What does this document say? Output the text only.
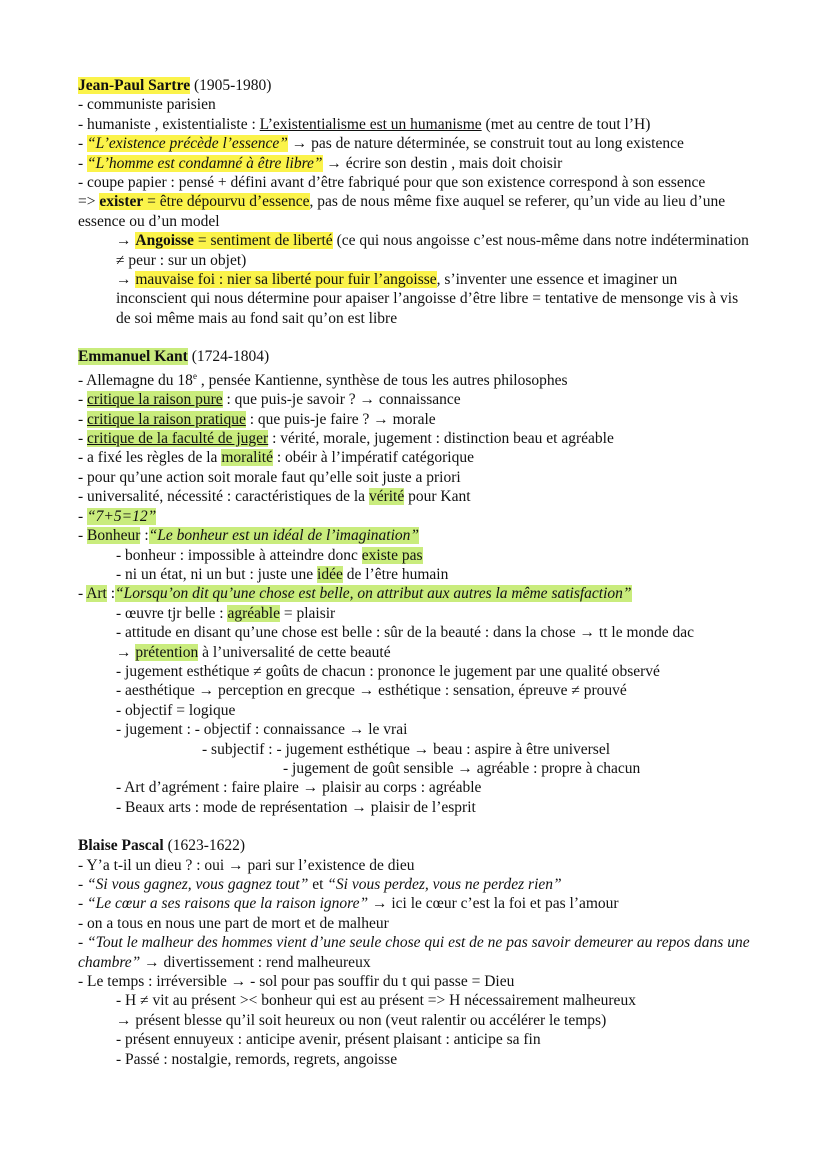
Jean-Paul Sartre (1905-1980)
- communiste parisien
- humaniste , existentialiste : L’existentialisme est un humanisme (met au centre de tout l’H)
- “L’existence précède l’essence” → pas de nature déterminée, se construit tout au long existence
- “L’homme est condamné à être libre” → écrire son destin , mais doit choisir
- coupe papier : pensé + défini avant d’être fabriqué pour que son existence correspond à son essence
=> exister = être dépourvu d’essence, pas de nous même fixe auquel se referer, qu’un vide au lieu d’une essence ou d’un model
→ Angoisse = sentiment de liberté (ce qui nous angoisse c’est nous-même dans notre indétermination ≠ peur : sur un objet)
→ mauvaise foi : nier sa liberté pour fuir l’angoisse, s’inventer une essence et imaginer un inconscient qui nous détermine pour apaiser l’angoisse d’être libre = tentative de mensonge vis à vis de soi même mais au fond sait qu’on est libre
Emmanuel Kant (1724-1804)
- Allemagne du 18e , pensée Kantienne, synthèse de tous les autres philosophes
- critique la raison pure : que puis-je savoir ? → connaissance
- critique la raison pratique : que puis-je faire ? → morale
- critique de la faculté de juger : vérité, morale, jugement : distinction beau et agréable
- a fixé les règles de la moralité : obéir à l’impératif catégorique
- pour qu’une action soit morale faut qu’elle soit juste a priori
- universalité, nécessité : caractéristiques de la vérité pour Kant
- “7+5=12”
- Bonheur :“Le bonheur est un idéal de l’imagination”
- bonheur : impossible à atteindre donc existe pas
- ni un état, ni un but : juste une idée de l’être humain
- Art :“Lorsqu’on dit qu’une chose est belle, on attribut aux autres la même satisfaction”
- œuvre tjr belle : agréable = plaisir
- attitude en disant qu’une chose est belle : sûr de la beauté : dans la chose → tt le monde dac
→ prétention à l’universalité de cette beauté
- jugement esthétique ≠ goûts de chacun : prononce le jugement par une qualité observé
- aesthétique → perception en grecque → esthétique : sensation, épreuve ≠ prouvé
- objectif = logique
- jugement : - objectif : connaissance → le vrai
- subjectif : - jugement esthétique → beau : aspire à être universel
- jugement de goût sensible → agréable : propre à chacun
- Art d’agrément : faire plaire → plaisir au corps : agréable
- Beaux arts : mode de représentation → plaisir de l’esprit
Blaise Pascal (1623-1622)
- Y’a t-il un dieu ? : oui → pari sur l’existence de dieu
- “Si vous gagnez, vous gagnez tout” et “Si vous perdez, vous ne perdez rien”
- “Le cœur a ses raisons que la raison ignore” → ici le cœur c’est la foi et pas l’amour
- on a tous en nous une part de mort et de malheur
- “Tout le malheur des hommes vient d’une seule chose qui est de ne pas savoir demeurer au repos dans une chambre” → divertissement : rend malheureux
- Le temps : irréversible → - sol pour pas souffir du t qui passe = Dieu
- H ≠ vit au présent >< bonheur qui est au présent => H nécessairement malheureux
→ présent blesse qu’il soit heureux ou non (veut ralentir ou accélérer le temps)
- présent ennuyeux : anticipe avenir, présent plaisant : anticipe sa fin
- Passé : nostalgie, remords, regrets, angoisse
